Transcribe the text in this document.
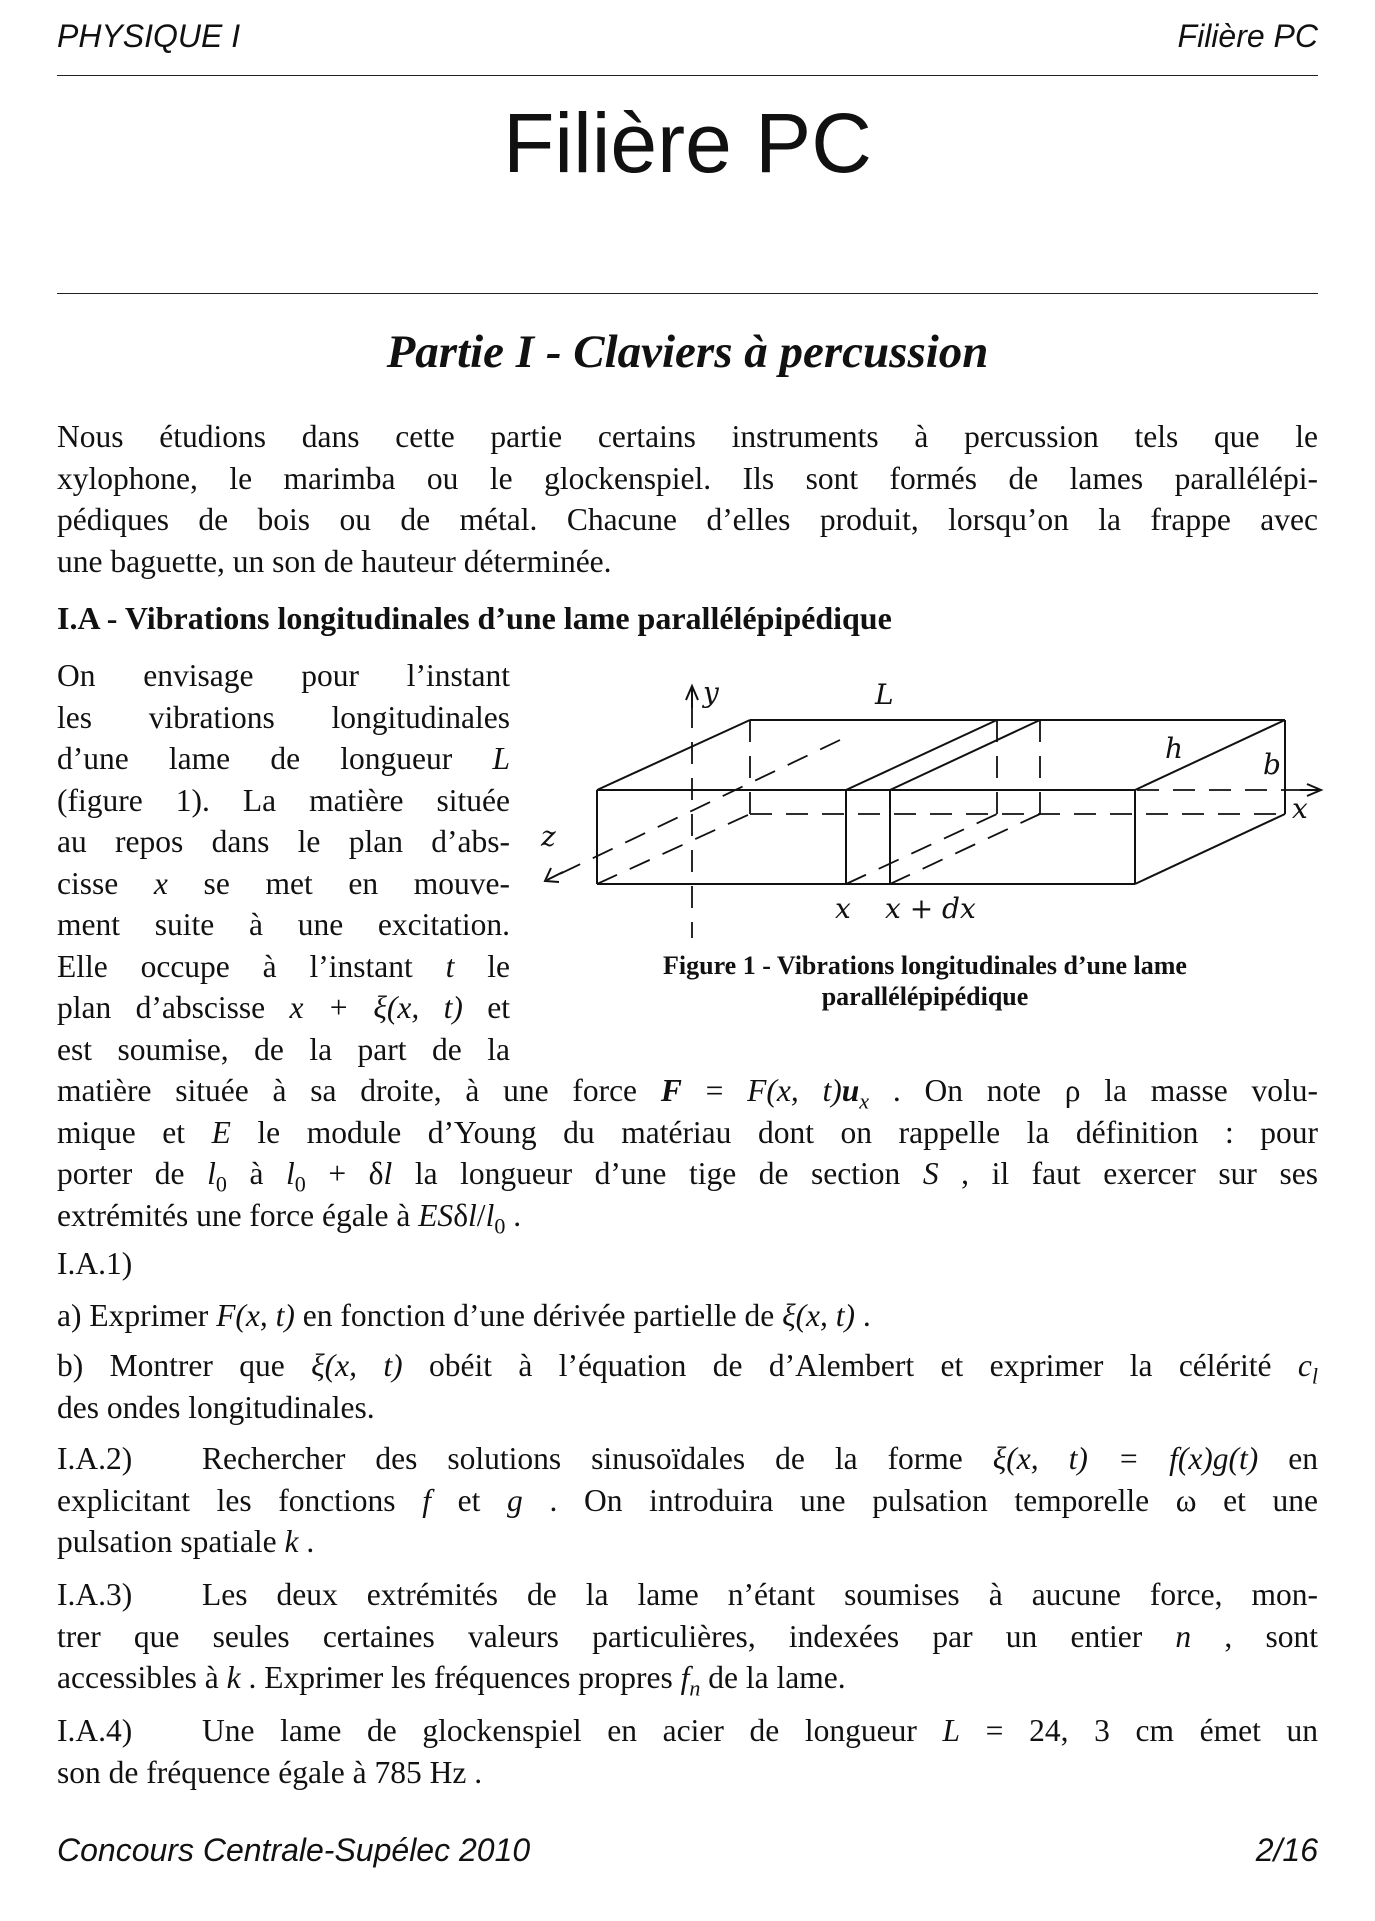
PHYSIQUE I	Filière PC
Filière PC
Partie I - Claviers à percussion
Nous étudions dans cette partie certains instruments à percussion tels que le
xylophone, le marimba ou le glockenspiel. Ils sont formés de lames parallélépi-
pédiques de bois ou de métal. Chacune d’elles produit, lorsqu’on la frappe avec
une baguette, un son de hauteur déterminée.
I.A - Vibrations longitudinales d’une lame parallélépipédique
On envisage pour l’instant
les vibrations longitudinales
d’une lame de longueur L
(figure 1). La matière située
au repos dans le plan d’abs-
cisse x se met en mouve-
ment suite à une excitation.
Elle occupe à l’instant t le
plan d’abscisse x + ξ(x, t) et
est soumise, de la part de la
y	L
h	b
x
z
x x + dx
Figure 1 - Vibrations longitudinales d’une lame
parallélépipédique
matière située à sa droite, à une force F = F(x, $t)u_x$ . On note ρ la masse volu-
mique et E le module d’Young du matériau dont on rappelle la définition : pour
porter de $l_0$ à $l_0 + \delta l$ la longueur d’une tige de section S , il faut exercer sur ses
extrémités une force égale à ESδl/$l_0$ .
I.A.1)
a) Exprimer F(x, t) en fonction d’une dérivée partielle de ξ(x, t) .
b) Montrer que ξ(x, t) obéit à l’équation de d’Alembert et exprimer la célérité $c_l$
des ondes longitudinales.
I.A.2) Rechercher des solutions sinusoïdales de la forme ξ(x, t) = f(x)g(t) en
explicitant les fonctions f et g . On introduira une pulsation temporelle ω et une
pulsation spatiale k .
I.A.3) Les deux extrémités de la lame n’étant soumises à aucune force, mon-
trer que seules certaines valeurs particulières, indexées par un entier n , sont
accessibles à k . Exprimer les fréquences propres $f_n$ de la lame.
I.A.4) Une lame de glockenspiel en acier de longueur L = 24, 3 cm émet un
son de fréquence égale à 785 Hz .
Concours Centrale-Supélec 2010	2/16
